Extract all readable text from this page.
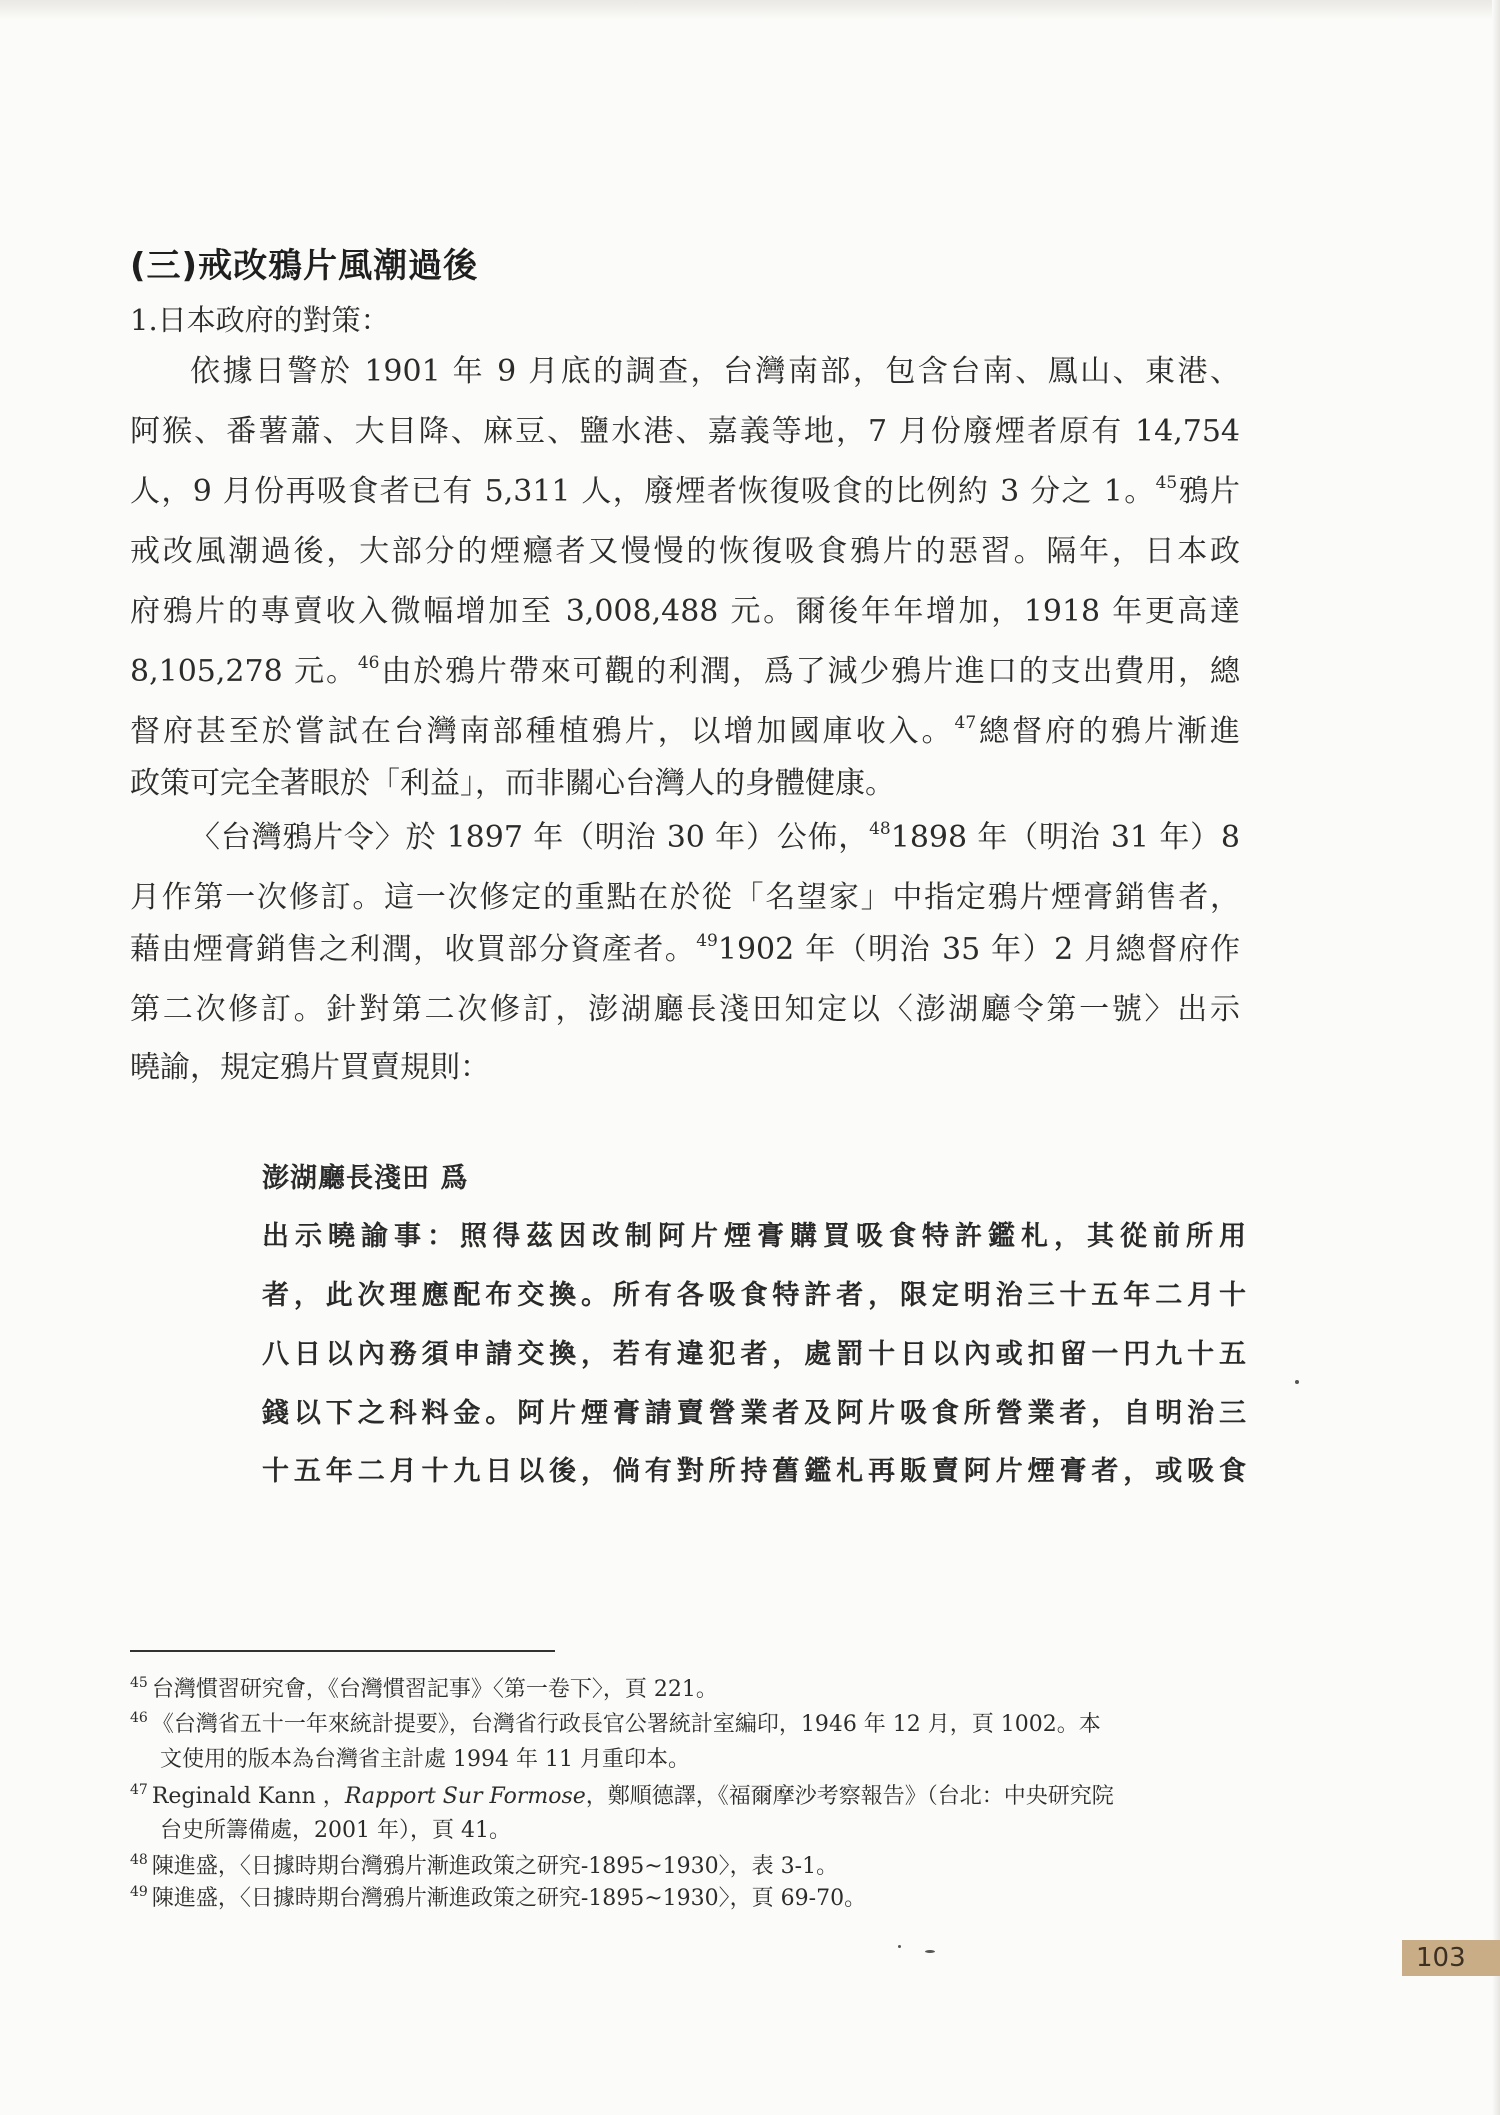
(三)戒改鴉片風潮過後
1.日本政府的對策：
依據日警於 1901 年 9 月底的調查，台灣南部，包含台南、鳳山、東港、
阿猴、番薯蕭、大目降、麻豆、鹽水港、嘉義等地，7 月份廢煙者原有 14,754
人，9 月份再吸食者已有 5,311 人，廢煙者恢復吸食的比例約 3 分之 1。$^{45}$鴉片
戒改風潮過後，大部分的煙癮者又慢慢的恢復吸食鴉片的惡習。隔年，日本政
府鴉片的專賣收入微幅增加至 3,008,488 元。爾後年年增加，1918 年更高達
8,105,278 元。$^{46}$由於鴉片帶來可觀的利潤，爲了減少鴉片進口的支出費用，總
督府甚至於嘗試在台灣南部種植鴉片，以增加國庫收入。$^{47}$總督府的鴉片漸進
政策可完全著眼於「利益」，而非關心台灣人的身體健康。
〈台灣鴉片令〉於 1897 年（明治 30 年）公佈，$^{48}$1898 年（明治 31 年）8
月作第一次修訂。這一次修定的重點在於從「名望家」中指定鴉片煙膏銷售者，
藉由煙膏銷售之利潤，收買部分資產者。$^{49}$1902 年（明治 35 年）2 月總督府作
第二次修訂。針對第二次修訂，澎湖廳長淺田知定以〈澎湖廳令第一號〉出示
曉諭，規定鴉片買賣規則：
澎湖廳長淺田 爲
出示曉諭事：照得茲因改制阿片煙膏購買吸食特許鑑札，其從前所用
者，此次理應配布交換。所有各吸食特許者，限定明治三十五年二月十
八日以內務須申請交換，若有違犯者，處罰十日以內或扣留一円九十五
錢以下之科料金。阿片煙膏請賣營業者及阿片吸食所營業者，自明治三
十五年二月十九日以後，倘有對所持舊鑑札再販賣阿片煙膏者，或吸食
$^{45}$ 台灣慣習研究會，《台灣慣習記事》〈第一卷下〉，頁 221。
$^{46}$ 《台灣省五十一年來統計提要》，台灣省行政長官公署統計室編印，1946 年 12 月，頁 1002。本
文使用的版本為台灣省主計處 1994 年 11 月重印本。
$^{47}$ Reginald Kann ，Rapport Sur Formose，鄭順德譯，《福爾摩沙考察報告》（台北：中央研究院
台史所籌備處，2001 年），頁 41。
$^{48}$ 陳進盛，〈日據時期台灣鴉片漸進政策之研究-1895~1930〉，表 3-1。
$^{49}$ 陳進盛，〈日據時期台灣鴉片漸進政策之研究-1895~1930〉，頁 69-70。
103
